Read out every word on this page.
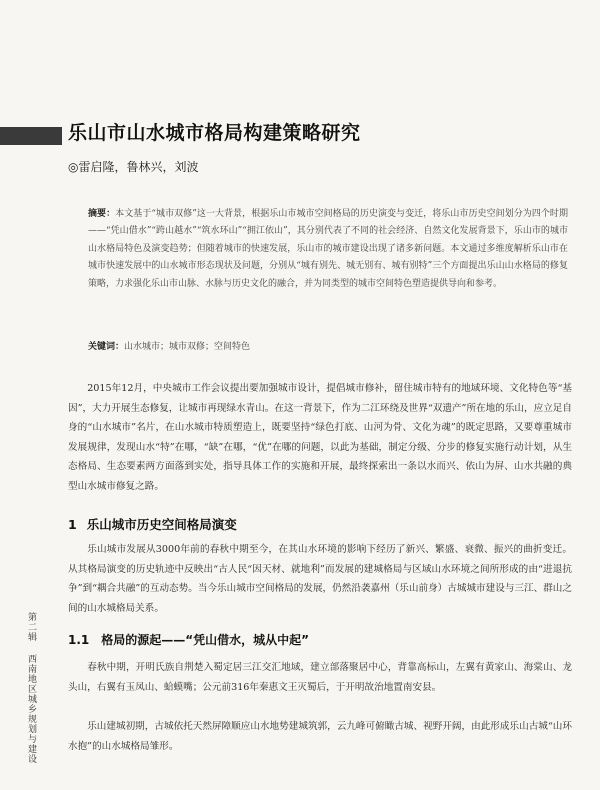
乐山市山水城市格局构建策略研究
◎雷启隆，鲁林兴，刘波
摘要：本文基于“城市双修”这一大背景，根据乐山市城市空间格局的历史演变与变迁，将乐山市历史空间划分为四个时期——“凭山借水”“跨山越水”“筑水环山”“拥江依山”，其分别代表了不同的社会经济、自然文化发展背景下，乐山市的城市山水格局特色及演变趋势；但随着城市的快速发展，乐山市的城市建设出现了诸多新问题。本文通过多维度解析乐山市在城市快速发展中的山水城市形态现状及问题，分别从“城有别先、城无别有、城有别特”三个方面提出乐山山水格局的修复策略，力求强化乐山市山脉、水脉与历史文化的融合，并为同类型的城市空间特色塑造提供导向和参考。
关键词：山水城市；城市双修；空间特色

2015年12月，中央城市工作会议提出要加强城市设计，提倡城市修补，留住城市特有的地域环境、文化特色等“基因”，大力开展生态修复，让城市再现绿水青山。在这一背景下，作为二江环绕及世界“双遗产”所在地的乐山，应立足自身的“山水城市”名片，在山水城市特质塑造上，既要坚持“绿色打底、山河为骨、文化为魂”的既定思路，又要尊重城市发展规律，发现山水“特”在哪，“缺”在哪，“优”在哪的问题，以此为基础，制定分级、分步的修复实施行动计划，从生态格局、生态要素两方面落到实处，指导具体工作的实施和开展，最终探索出一条以水而兴、依山为屏、山水共融的典型山水城市修复之路。

1 乐山城市历史空间格局演变

乐山城市发展从3000年前的春秋中期至今，在其山水环境的影响下经历了新兴、繁盛、衰微、振兴的曲折变迁。从其格局演变的历史轨迹中反映出“古人民“因天材、就地利”而发展的建城格局与区域山水环境之间所形成的由“进退抗争”到“耦合共融”的互动态势。当今乐山城市空间格局的发展，仍然沿袭嘉州（乐山前身）古城城市建设与三江、群山之间的山水城格局关系。

1.1 格局的源起——“凭山借水，城从中起”

春秋中期，开明氏族自荆楚入蜀定居三江交汇地域，建立部落聚居中心，背靠高标山，左翼有黄家山、海棠山、龙头山，右翼有玉凤山、蛤蟆嘴；公元前316年秦惠文王灭蜀后，于开明故治地置南安县。

乐山建城初期，古城依托天然屏障顺应山水地势建城筑郭，云九峰可俯瞰古城、视野开阔，由此形成乐山古城“山环水抱”的山水城格局雏形。

第二辑 西南地区城乡规划与建设
